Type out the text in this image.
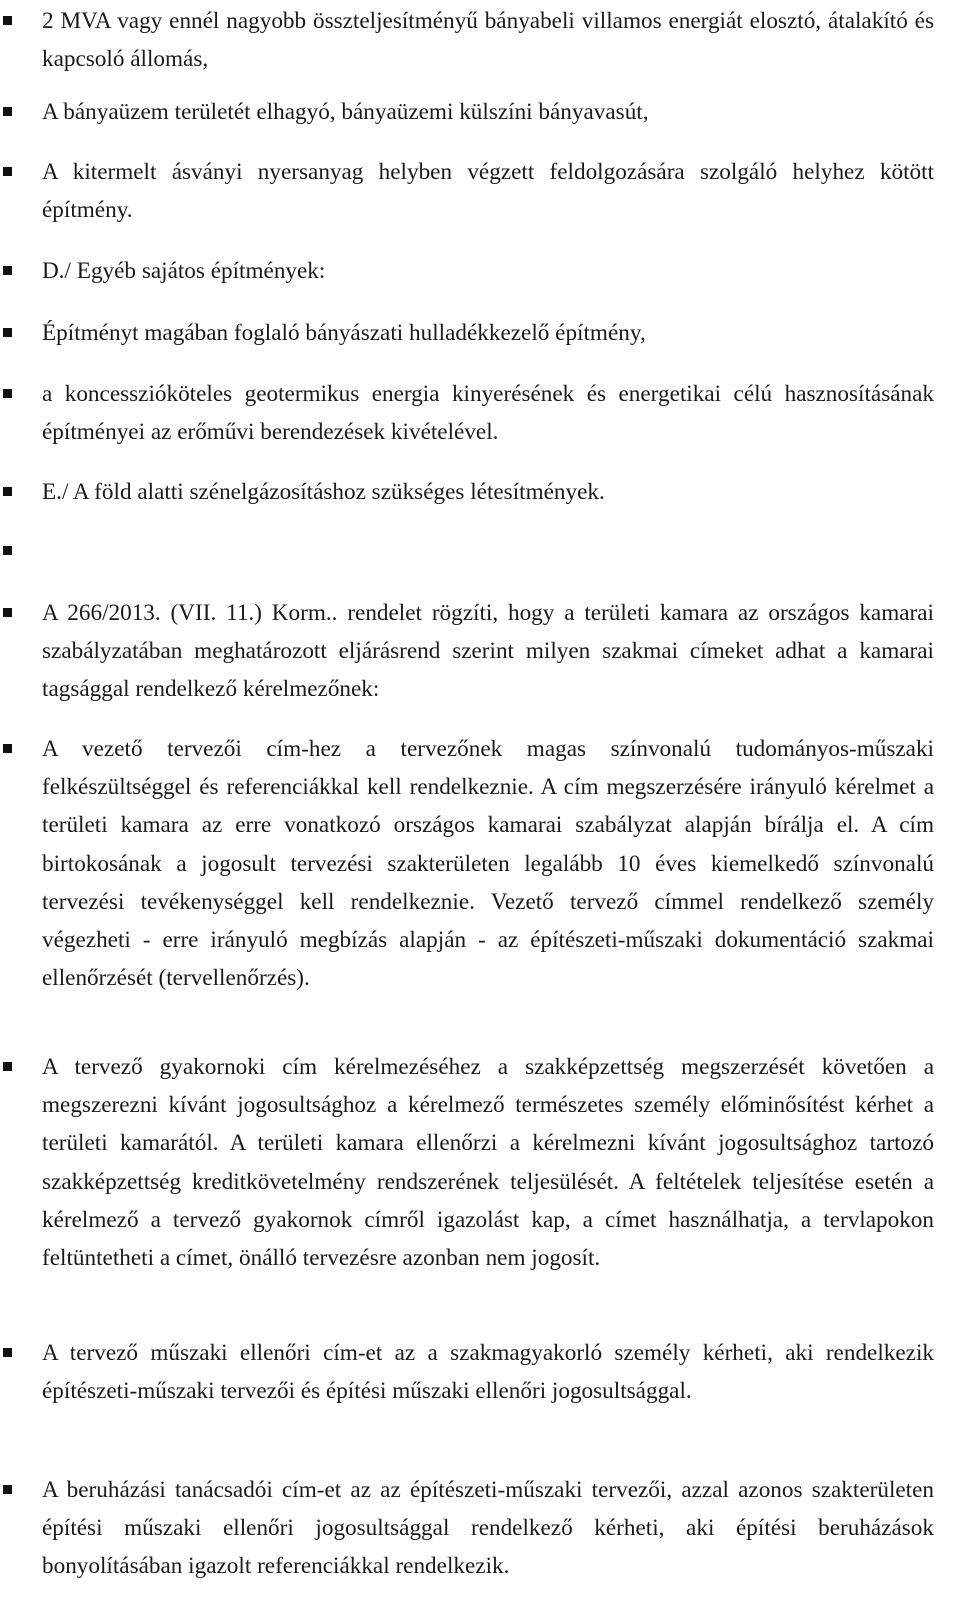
2 MVA vagy ennél nagyobb összteljesítményű bányabeli villamos energiát elosztó, átalakító és kapcsoló állomás,
A bányaüzem területét elhagyó, bányaüzemi külszíni bányavasút,
A kitermelt ásványi nyersanyag helyben végzett feldolgozására szolgáló helyhez kötött építmény.
D./ Egyéb sajátos építmények:
Építményt magában foglaló bányászati hulladékkezelő építmény,
a koncesszióköteles geotermikus energia kinyerésének és energetikai célú hasznosításának építményei az erőművi berendezések kivételével.
E./ A föld alatti szénelgázosításhoz szükséges létesítmények.
A 266/2013. (VII. 11.) Korm.. rendelet rögzíti, hogy a területi kamara az országos kamarai szabályzatában meghatározott eljárásrend szerint milyen szakmai címeket adhat a kamarai tagsággal rendelkező kérelmezőnek:
A vezető tervezői cím-hez a tervezőnek magas színvonalú tudományos-műszaki felkészültséggel és referenciákkal kell rendelkeznie. A cím megszerzésére irányuló kérelmet a területi kamara az erre vonatkozó országos kamarai szabályzat alapján bírálja el. A cím birtokosának a jogosult tervezési szakterületen legalább 10 éves kiemelkedő színvonalú tervezési tevékenységgel kell rendelkeznie. Vezető tervező címmel rendelkező személy végezheti - erre irányuló megbízás alapján - az építészeti-műszaki dokumentáció szakmai ellenőrzését (tervellenőrzés).
A tervező gyakornoki cím kérelmezéséhez a szakképzettség megszerzését követően a megszerezni kívánt jogosultsághoz a kérelmező természetes személy előminősítést kérhet a területi kamarától. A területi kamara ellenőrzi a kérelmezni kívánt jogosultsághoz tartozó szakképzettség kreditkövetelmény rendszerének teljesülését. A feltételek teljesítése esetén a kérelmező a tervező gyakornok címről igazolást kap, a címet használhatja, a tervlapokon feltüntetheti a címet, önálló tervezésre azonban nem jogosít.
A tervező műszaki ellenőri cím-et az a szakmagyakorló személy kérheti, aki rendelkezik építészeti-műszaki tervezői és építési műszaki ellenőri jogosultsággal.
A beruházási tanácsadói cím-et az az építészeti-műszaki tervezői, azzal azonos szakterületen építési műszaki ellenőri jogosultsággal rendelkező kérheti, aki építési beruházások bonyolításában igazolt referenciákkal rendelkezik.
